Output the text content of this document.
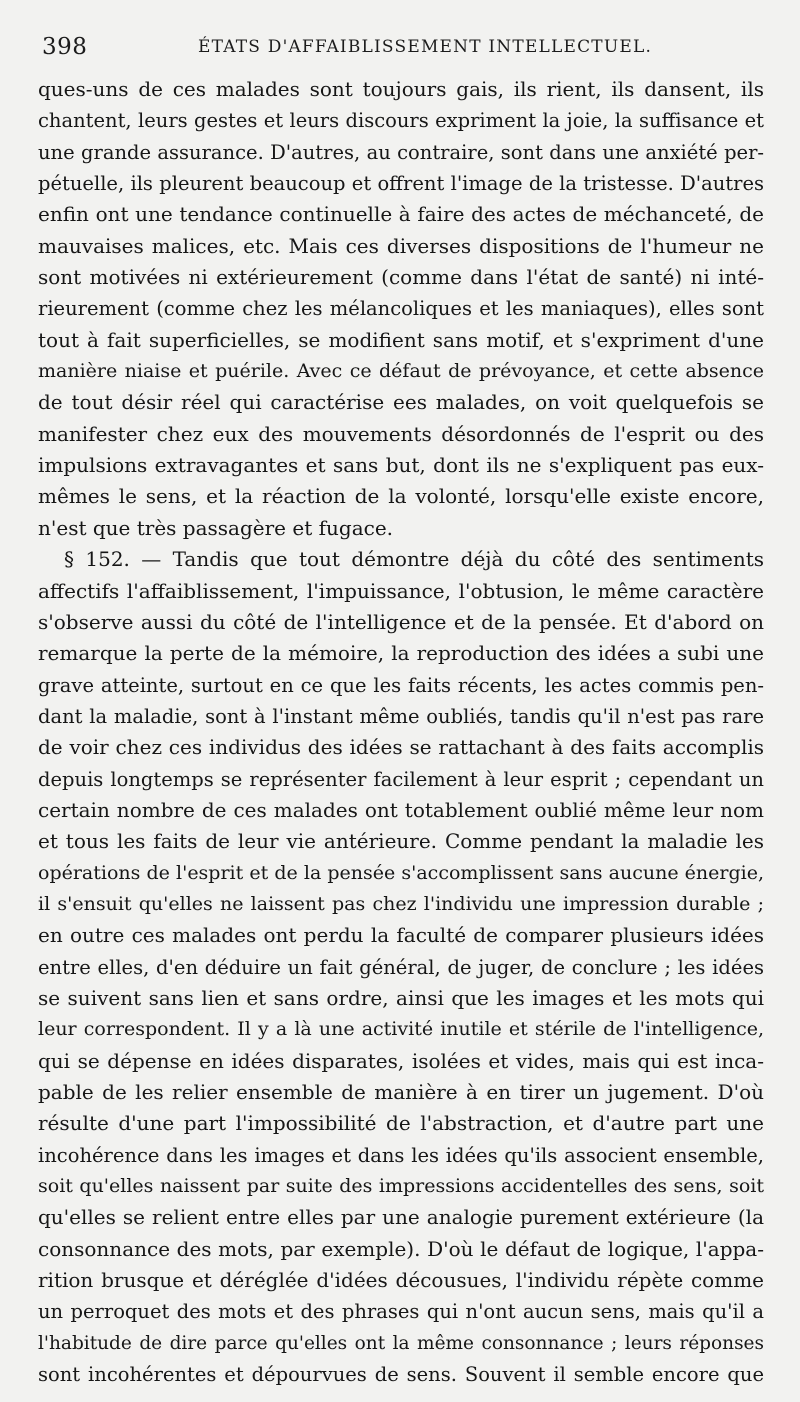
398	ÉTATS D'AFFAIBLISSEMENT INTELLECTUEL.
ques-uns de ces malades sont toujours gais, ils rient, ils dansent, ils
chantent, leurs gestes et leurs discours expriment la joie, la suffisance et
une grande assurance. D'autres, au contraire, sont dans une anxiété per-
pétuelle, ils pleurent beaucoup et offrent l'image de la tristesse. D'autres
enfin ont une tendance continuelle à faire des actes de méchanceté, de
mauvaises malices, etc. Mais ces diverses dispositions de l'humeur ne
sont motivées ni extérieurement (comme dans l'état de santé) ni inté-
rieurement (comme chez les mélancoliques et les maniaques), elles sont
tout à fait superficielles, se modifient sans motif, et s'expriment d'une
manière niaise et puérile. Avec ce défaut de prévoyance, et cette absence
de tout désir réel qui caractérise ees malades, on voit quelquefois se
manifester chez eux des mouvements désordonnés de l'esprit ou des
impulsions extravagantes et sans but, dont ils ne s'expliquent pas eux-
mêmes le sens, et la réaction de la volonté, lorsqu'elle existe encore,
n'est que très passagère et fugace.
§ 152. — Tandis que tout démontre déjà du côté des sentiments
affectifs l'affaiblissement, l'impuissance, l'obtusion, le même caractère
s'observe aussi du côté de l'intelligence et de la pensée. Et d'abord on
remarque la perte de la mémoire, la reproduction des idées a subi une
grave atteinte, surtout en ce que les faits récents, les actes commis pen-
dant la maladie, sont à l'instant même oubliés, tandis qu'il n'est pas rare
de voir chez ces individus des idées se rattachant à des faits accomplis
depuis longtemps se représenter facilement à leur esprit ; cependant un
certain nombre de ces malades ont totablement oublié même leur nom
et tous les faits de leur vie antérieure. Comme pendant la maladie les
opérations de l'esprit et de la pensée s'accomplissent sans aucune énergie,
il s'ensuit qu'elles ne laissent pas chez l'individu une impression durable ;
en outre ces malades ont perdu la faculté de comparer plusieurs idées
entre elles, d'en déduire un fait général, de juger, de conclure ; les idées
se suivent sans lien et sans ordre, ainsi que les images et les mots qui
leur correspondent. Il y a là une activité inutile et stérile de l'intelligence,
qui se dépense en idées disparates, isolées et vides, mais qui est inca-
pable de les relier ensemble de manière à en tirer un jugement. D'où
résulte d'une part l'impossibilité de l'abstraction, et d'autre part une
incohérence dans les images et dans les idées qu'ils associent ensemble,
soit qu'elles naissent par suite des impressions accidentelles des sens, soit
qu'elles se relient entre elles par une analogie purement extérieure (la
consonnance des mots, par exemple). D'où le défaut de logique, l'appa-
rition brusque et déréglée d'idées décousues, l'individu répète comme
un perroquet des mots et des phrases qui n'ont aucun sens, mais qu'il a
l'habitude de dire parce qu'elles ont la même consonnance ; leurs réponses
sont incohérentes et dépourvues de sens. Souvent il semble encore que
